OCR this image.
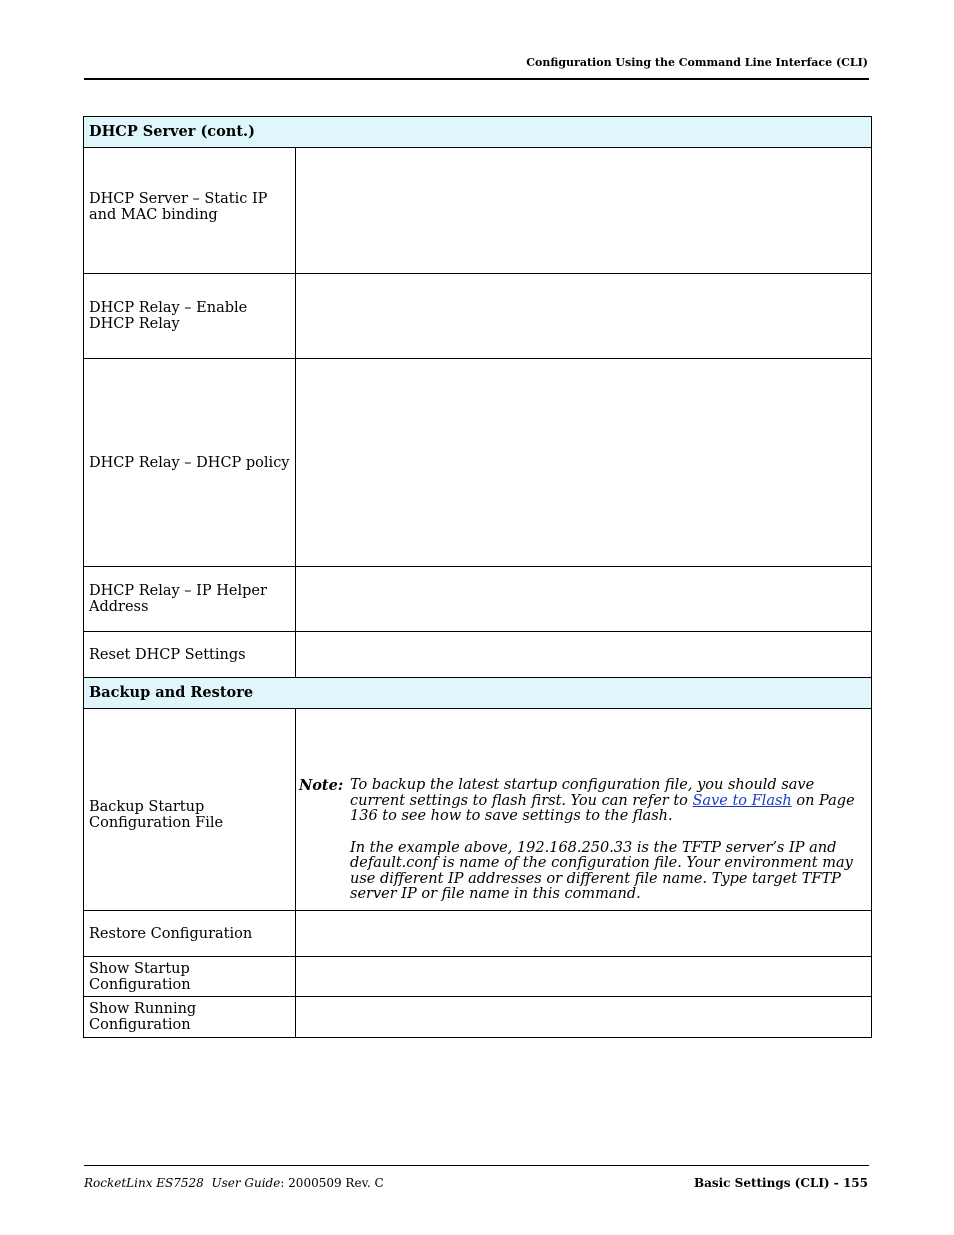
Configuration Using the Command Line Interface (CLI)
DHCP Server (cont.)	
DHCP Server – Static IP and MAC binding	
DHCP Relay – Enable DHCP Relay	
DHCP Relay – DHCP policy	
DHCP Relay – IP Helper Address	
Reset DHCP Settings	
Backup and Restore	
Backup Startup Configuration File	Note: To backup the latest startup configuration file, you should save current settings to flash first. You can refer to Save to Flash on Page 136 to see how to save settings to the flash.

In the example above, 192.168.250.33 is the TFTP server’s IP and default.conf is name of the configuration file. Your environment may use different IP addresses or different file name. Type target TFTP server IP or file name in this command.

Restore Configuration	
Show Startup Configuration	
Show Running Configuration	
RocketLinx ES7528 User Guide: 2000509 Rev. C	Basic Settings (CLI) - 155
